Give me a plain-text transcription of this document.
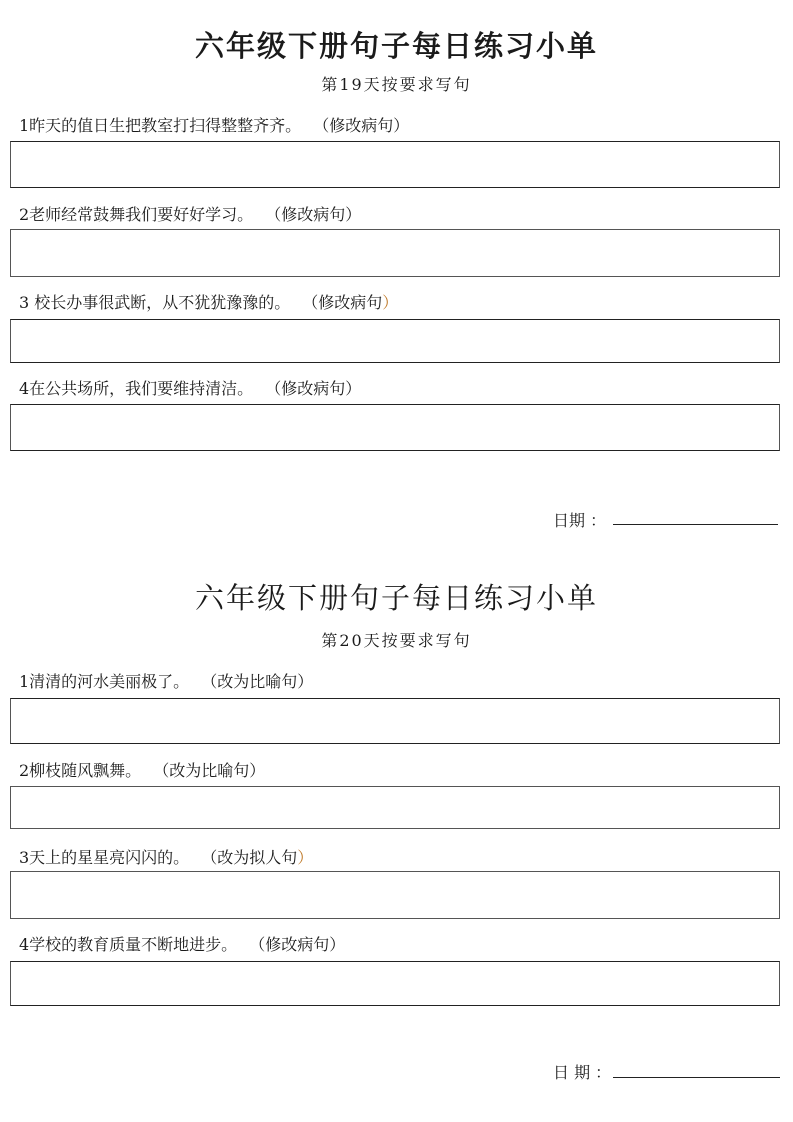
六年级下册句子每日练习小单
第19天按要求写句
1昨天的值日生把教室打扫得整整齐齐。 （修改病句）
2老师经常鼓舞我们要好好学习。 （修改病句）
3 校长办事很武断，从不犹犹豫豫的。 （修改病句）
4在公共场所，我们要维持清洁。 （修改病句）
日期 ：
六年级下册句子每日练习小单
第20天按要求写句
1清清的河水美丽极了。 （改为比喻句）
2柳枝随风飘舞。 （改为比喻句）
3天上的星星亮闪闪的。 （改为拟人句）
4学校的教育质量不断地进步。 （修改病句）
日 期 ：
